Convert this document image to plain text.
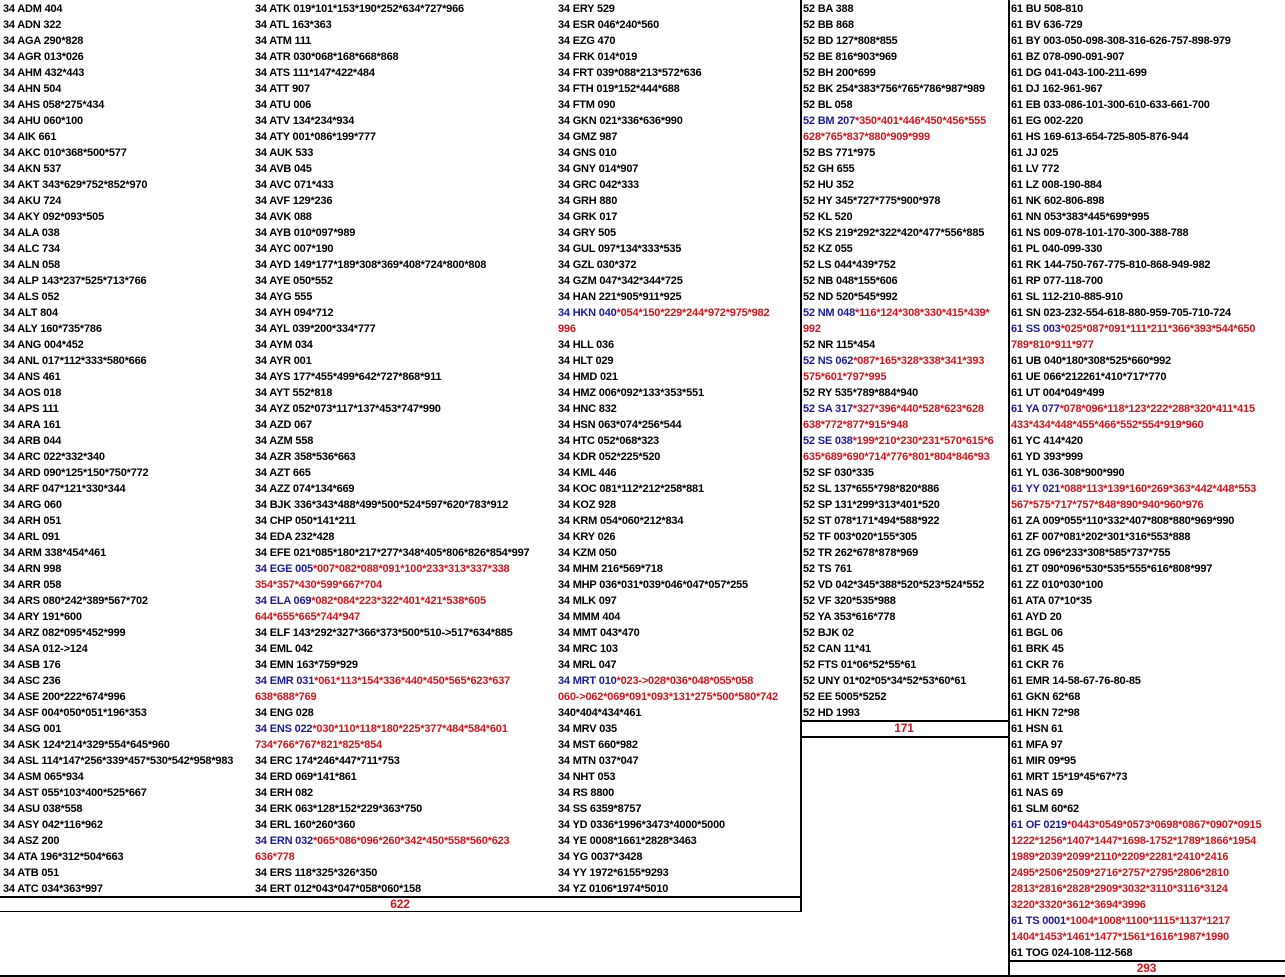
34 ADM 404
34 ADN 322
34 AGA 290*828
34 AGR 013*026
34 AHM 432*443
34 AHN 504
34 AHS 058*275*434
34 AHU 060*100
34 AIK 661
34 AKC 010*368*500*577
34 AKN 537
34 AKT 343*629*752*852*970
34 AKU 724
34 AKY 092*093*505
34 ALA 038
34 ALC 734
34 ALN 058
34 ALP 143*237*525*713*766
34 ALS 052
34 ALT 804
34 ALY 160*735*786
34 ANG 004*452
34 ANL 017*112*333*580*666
34 ANS 461
34 AOS 018
34 APS 111
34 ARA 161
34 ARB 044
34 ARC 022*332*340
34 ARD 090*125*150*750*772
34 ARF 047*121*330*344
34 ARG 060
34 ARH 051
34 ARL 091
34 ARM 338*454*461
34 ARN 998
34 ARR 058
34 ARS 080*242*389*567*702
34 ARY 191*600
34 ARZ 082*095*452*999
34 ASA 012->124
34 ASB 176
34 ASC 236
34 ASE 200*222*674*996
34 ASF 004*050*051*196*353
34 ASG 001
34 ASK 124*214*329*554*645*960
34 ASL 114*147*256*339*457*530*542*958*983
34 ASM 065*934
34 AST 055*103*400*525*667
34 ASU 038*558
34 ASY 042*116*962
34 ASZ 200
34 ATA 196*312*504*663
34 ATB 051
34 ATC 034*363*997
34 ATK 019*101*153*190*252*634*727*966
34 ATL 163*363
34 ATM 111
34 ATR 030*068*168*668*868
34 ATS 111*147*422*484
34 ATT 907
34 ATU 006
34 ATV 134*234*934
34 ATY 001*086*199*777
34 AUK 533
34 AVB 045
34 AVC 071*433
34 AVF 129*236
34 AVK 088
34 AYB 010*097*989
34 AYC 007*190
34 AYD 149*177*189*308*369*408*724*800*808
34 AYE 050*552
34 AYG 555
34 AYH 094*712
34 AYL 039*200*334*777
34 AYM 034
34 AYR 001
34 AYS 177*455*499*642*727*868*911
34 AYT 552*818
34 AYZ 052*073*117*137*453*747*990
34 AZD 067
34 AZM 558
34 AZR 358*536*663
34 AZT 665
34 AZZ 074*134*669
34 BJK 336*343*488*499*500*524*597*620*783*912
34 CHP 050*141*211
34 EDA 232*428
34 EFE 021*085*180*217*277*348*405*806*826*854*997
34 EGE 005*007*082*088*091*100*233*313*337*338
354*357*430*599*667*704
34 ELA 069*082*084*223*322*401*421*538*605
644*655*665*744*947
34 ELF 143*292*327*366*373*500*510->517*634*885
34 EML 042
34 EMN 163*759*929
34 EMR 031*061*113*154*336*440*450*565*623*637
638*688*769
34 ENG 028
34 ENS 022*030*110*118*180*225*377*484*584*601
734*766*767*821*825*854
34 ERC 174*246*447*711*753
34 ERD 069*141*861
34 ERH 082
34 ERK 063*128*152*229*363*750
34 ERL 160*260*360
34 ERN 032*065*086*096*260*342*450*558*560*623
636*778
34 ERS 118*325*326*350
34 ERT 012*043*047*058*060*158
34 ERY 529
34 ESR 046*240*560
34 EZG 470
34 FRK 014*019
34 FRT 039*088*213*572*636
34 FTH 019*152*444*688
34 FTM 090
34 GKN 021*336*636*990
34 GMZ 987
34 GNS 010
34 GNY 014*907
34 GRC 042*333
34 GRH 880
34 GRK 017
34 GRY 505
34 GUL 097*134*333*535
34 GZL 030*372
34 GZM 047*342*344*725
34 HAN 221*905*911*925
34 HKN 040*054*150*229*244*972*975*982
996
34 HLL 036
34 HLT 029
34 HMD 021
34 HMZ 006*092*133*353*551
34 HNC 832
34 HSN 063*074*256*544
34 HTC 052*068*323
34 KDR 052*225*520
34 KML 446
34 KOC 081*112*212*258*881
34 KOZ 928
34 KRM 054*060*212*834
34 KRY 026
34 KZM 050
34 MHM 216*569*718
34 MHP 036*031*039*046*047*057*255
34 MLK 097
34 MMM 404
34 MMT 043*470
34 MRC 103
34 MRL 047
34 MRT 010*023->028*036*048*055*058
060->062*069*091*093*131*275*500*580*742
340*404*434*461
34 MRV 035
34 MST 660*982
34 MTN 037*047
34 NHT 053
34 RS 8800
34 SS 6359*8757
34 YD 0336*1996*3473*4000*5000
34 YE 0008*1661*2828*3463
34 YG 0037*3428
34 YY 1972*6155*9293
34 YZ 0106*1974*5010
52 BA 388
52 BB 868
52 BD 127*808*855
52 BE 816*903*969
52 BH 200*699
52 BK 254*383*756*765*786*987*989
52 BL 058
52 BM 207*350*401*446*450*456*555
628*765*837*880*909*999
52 BS 771*975
52 GH 655
52 HU 352
52 HY 345*727*775*900*978
52 KL 520
52 KS 219*292*322*420*477*556*885
52 KZ 055
52 LS 044*439*752
52 NB 048*155*606
52 ND 520*545*992
52 NM 048*116*124*308*330*415*439*
992
52 NR 115*454
52 NS 062*087*165*328*338*341*393
575*601*797*995
52 RY 535*789*884*940
52 SA 317*327*396*440*528*623*628
638*772*877*915*948
52 SE 038*199*210*230*231*570*615*6
635*689*690*714*776*801*804*846*93
52 SF 030*335
52 SL 137*655*798*820*886
52 SP 131*299*313*401*520
52 ST 078*171*494*588*922
52 TF 003*020*155*305
52 TR 262*678*878*969
52 TS 761
52 VD 042*345*388*520*523*524*552
52 VF 320*535*988
52 YA 353*616*778
52 BJK 02
52 CAN 11*41
52 FTS 01*06*52*55*61
52 UNY 01*02*05*34*52*53*60*61
52 EE 5005*5252
52 HD 1993
61 BU 508-810
61 BV 636-729
61 BY 003-050-098-308-316-626-757-898-979
61 BZ 078-090-091-907
61 DG 041-043-100-211-699
61 DJ 162-961-967
61 EB 033-086-101-300-610-633-661-700
61 EG 002-220
61 HS 169-613-654-725-805-876-944
61 JJ 025
61 LV 772
61 LZ 008-190-884
61 NK 602-806-898
61 NN 053*383*445*699*995
61 NS 009-078-101-170-300-388-788
61 PL 040-099-330
61 RK 144-750-767-775-810-868-949-982
61 RP 077-118-700
61 SL 112-210-885-910
61 SN 023-232-554-618-880-959-705-710-724
61 SS 003*025*087*091*111*211*366*393*544*650
789*810*911*977
61 UB 040*180*308*525*660*992
61 UE 066*212261*410*717*770
61 UT 004*049*499
61 YA 077*078*096*118*123*222*288*320*411*415
433*434*448*455*466*552*554*919*960
61 YC 414*420
61 YD 393*999
61 YL 036-308*900*990
61 YY 021*088*113*139*160*269*363*442*448*553
567*575*717*757*848*890*940*960*976
61 ZA 009*055*110*332*407*808*880*969*990
61 ZF 007*081*202*301*316*553*888
61 ZG 096*233*308*585*737*755
61 ZT 090*096*530*535*555*616*808*997
61 ZZ 010*030*100
61 ATA 07*10*35
61 AYD 20
61 BGL 06
61 BRK 45
61 CKR 76
61 EMR 14-58-67-76-80-85
61 GKN 62*68
61 HKN 72*98
61 HSN 61
61 MFA 97
61 MIR 09*95
61 MRT 15*19*45*67*73
61 NAS 69
61 SLM 60*62
61 OF 0219*0443*0549*0573*0698*0867*0907*0915
1222*1256*1407*1447*1698-1752*1789*1866*1954
1989*2039*2099*2110*2209*2281*2410*2416
2495*2506*2509*2716*2757*2795*2806*2810
2813*2816*2828*2909*3032*3110*3116*3124
3220*3320*3612*3694*3996
61 TS 0001*1004*1008*1100*1115*1137*1217
1404*1453*1461*1477*1561*1616*1987*1990
61 TOG 024-108-112-568
622
171
293
